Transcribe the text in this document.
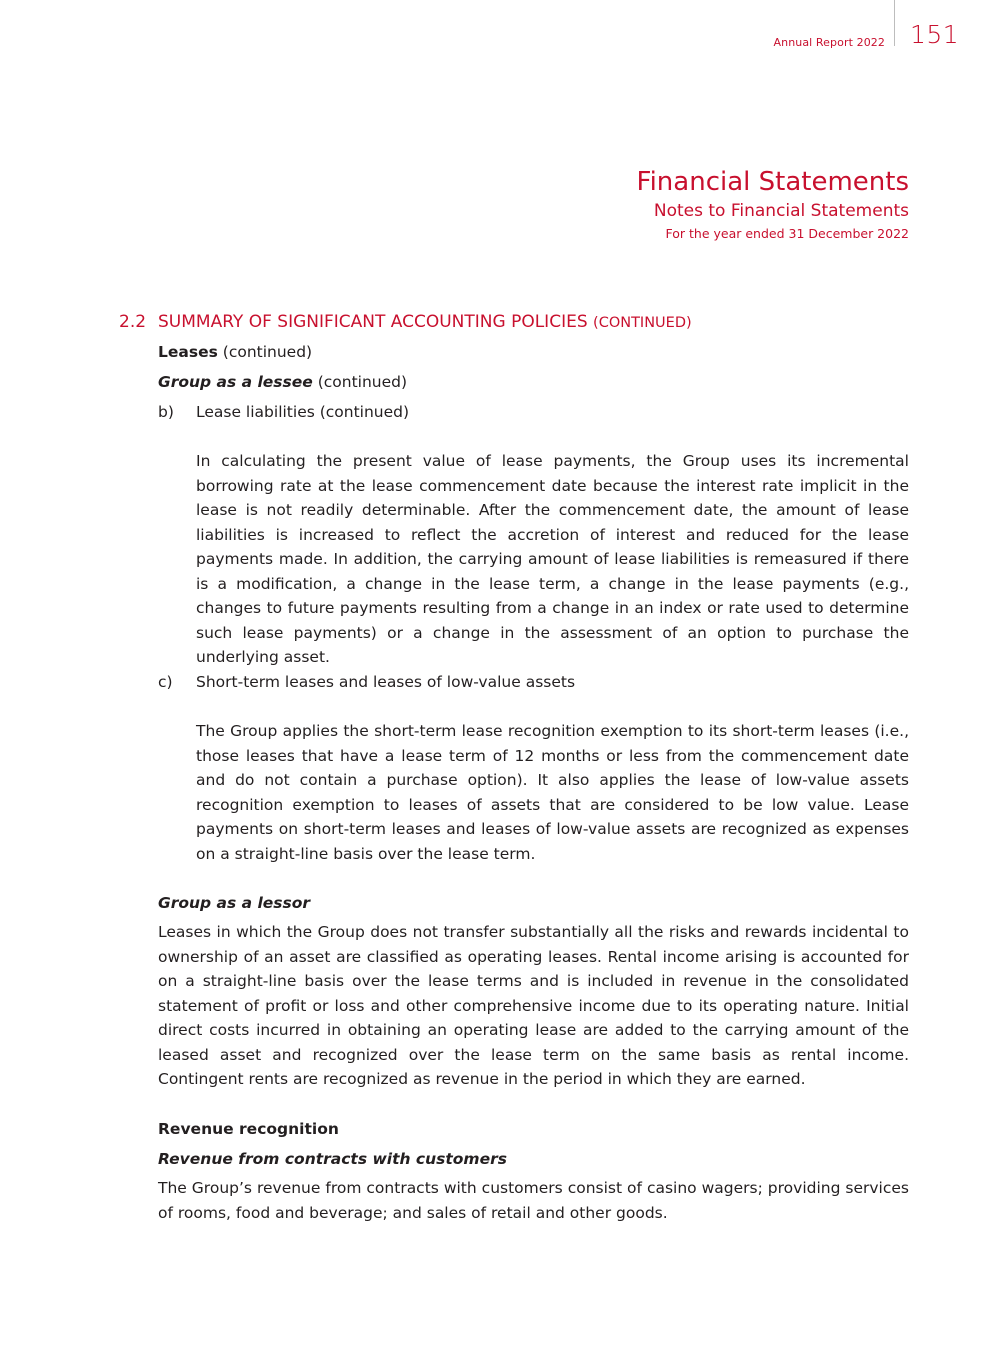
Annual Report 2022 151
Financial Statements
Notes to Financial Statements
For the year ended 31 December 2022
2.2 SUMMARY OF SIGNIFICANT ACCOUNTING POLICIES (CONTINUED)
Leases (continued)
Group as a lessee (continued)
b) Lease liabilities (continued)

In calculating the present value of lease payments, the Group uses its incremental borrowing rate at the lease commencement date because the interest rate implicit in the lease is not readily determinable. After the commencement date, the amount of lease liabilities is increased to reflect the accretion of interest and reduced for the lease payments made. In addition, the carrying amount of lease liabilities is remeasured if there is a modification, a change in the lease term, a change in the lease payments (e.g., changes to future payments resulting from a change in an index or rate used to determine such lease payments) or a change in the assessment of an option to purchase the underlying asset.

c) Short-term leases and leases of low-value assets

The Group applies the short-term lease recognition exemption to its short-term leases (i.e., those leases that have a lease term of 12 months or less from the commencement date and do not contain a purchase option). It also applies the lease of low-value assets recognition exemption to leases of assets that are considered to be low value. Lease payments on short-term leases and leases of low-value assets are recognized as expenses on a straight-line basis over the lease term.

Group as a lessor

Leases in which the Group does not transfer substantially all the risks and rewards incidental to ownership of an asset are classified as operating leases. Rental income arising is accounted for on a straight-line basis over the lease terms and is included in revenue in the consolidated statement of profit or loss and other comprehensive income due to its operating nature. Initial direct costs incurred in obtaining an operating lease are added to the carrying amount of the leased asset and recognized over the lease term on the same basis as rental income. Contingent rents are recognized as revenue in the period in which they are earned.

Revenue recognition
Revenue from contracts with customers

The Group’s revenue from contracts with customers consist of casino wagers; providing services of rooms, food and beverage; and sales of retail and other goods.
